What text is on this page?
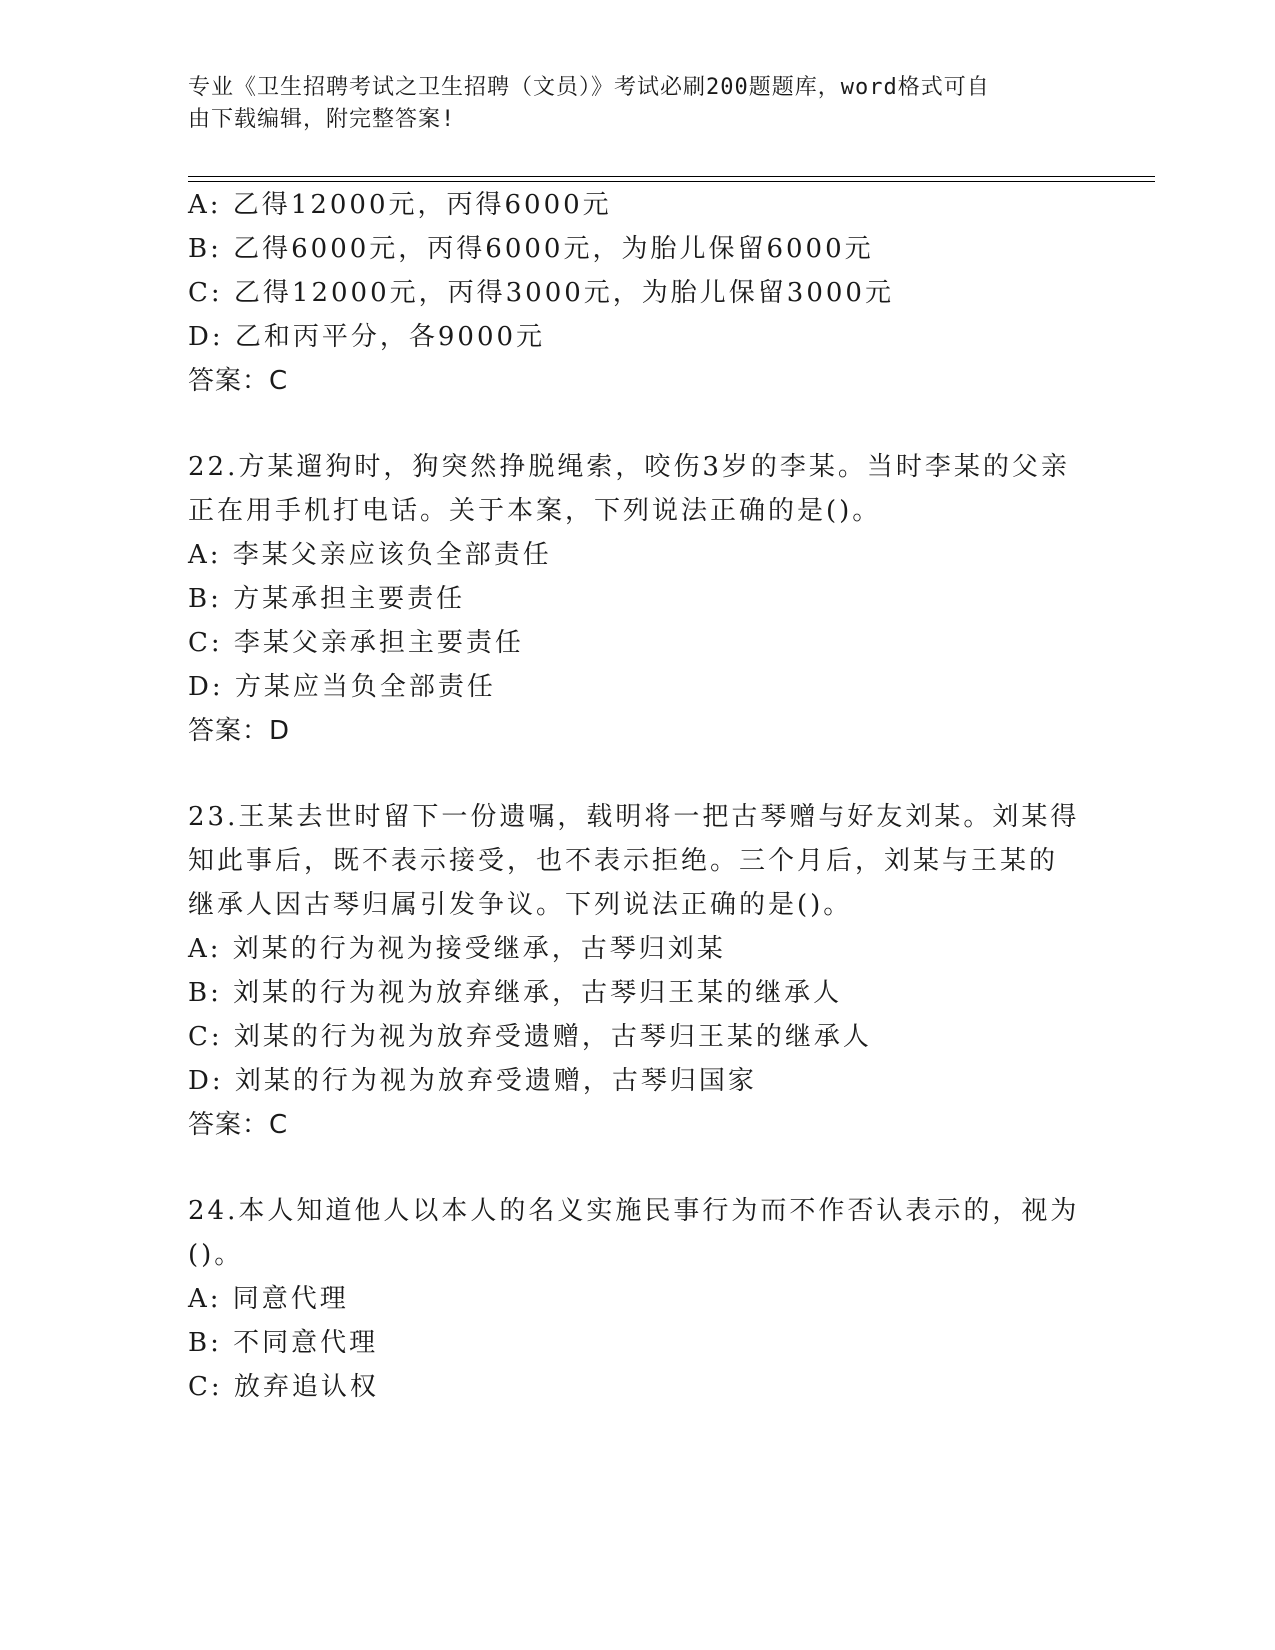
专业《卫生招聘考试之卫生招聘（文员）》考试必刷200题题库，word格式可自
由下载编辑，附完整答案!
A: 乙得12000元，丙得6000元
B: 乙得6000元，丙得6000元，为胎儿保留6000元
C: 乙得12000元，丙得3000元，为胎儿保留3000元
D: 乙和丙平分，各9000元
答案：C
22.方某遛狗时，狗突然挣脱绳索，咬伤3岁的李某。当时李某的父亲
正在用手机打电话。关于本案，下列说法正确的是()。
A: 李某父亲应该负全部责任
B: 方某承担主要责任
C: 李某父亲承担主要责任
D: 方某应当负全部责任
答案：D
23.王某去世时留下一份遗嘱，载明将一把古琴赠与好友刘某。刘某得
知此事后，既不表示接受，也不表示拒绝。三个月后，刘某与王某的
继承人因古琴归属引发争议。下列说法正确的是()。
A: 刘某的行为视为接受继承，古琴归刘某
B: 刘某的行为视为放弃继承，古琴归王某的继承人
C: 刘某的行为视为放弃受遗赠，古琴归王某的继承人
D: 刘某的行为视为放弃受遗赠，古琴归国家
答案：C
24.本人知道他人以本人的名义实施民事行为而不作否认表示的，视为
()。
A: 同意代理
B: 不同意代理
C: 放弃追认权
